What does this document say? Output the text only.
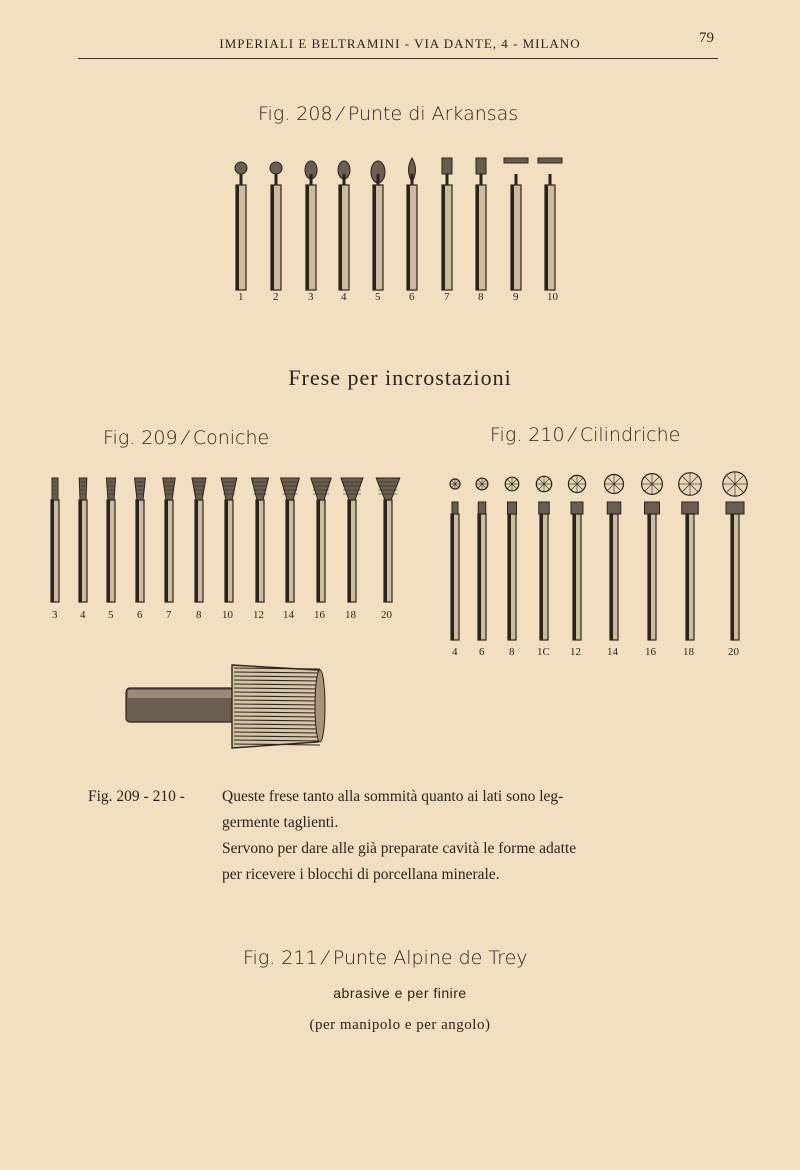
IMPERIALI E BELTRAMINI - VIA DANTE, 4 - MILANO	79
Fig. 208 ⁄ Punte di Arkansas
1	2	3	4	5	6	7	8	9	10
3 4 5 6 7 8 10 12 14 16 18 20
4 6 8 1C 12 14 16 18	20
Frese per incrostazioni
Fig. 209 ⁄ Coniche	Fig. 210 ⁄ Cilindriche
Fig. 209 - 210 - Queste frese tanto alla sommità quanto ai lati sono leg-
germente taglienti.
Servono per dare alle già preparate cavità le forme adatte
per ricevere i blocchi di porcellana minerale.
Fig. 211 ⁄ Punte Alpine de Trey
abrasive e per finire
(per manipolo e per angolo)
